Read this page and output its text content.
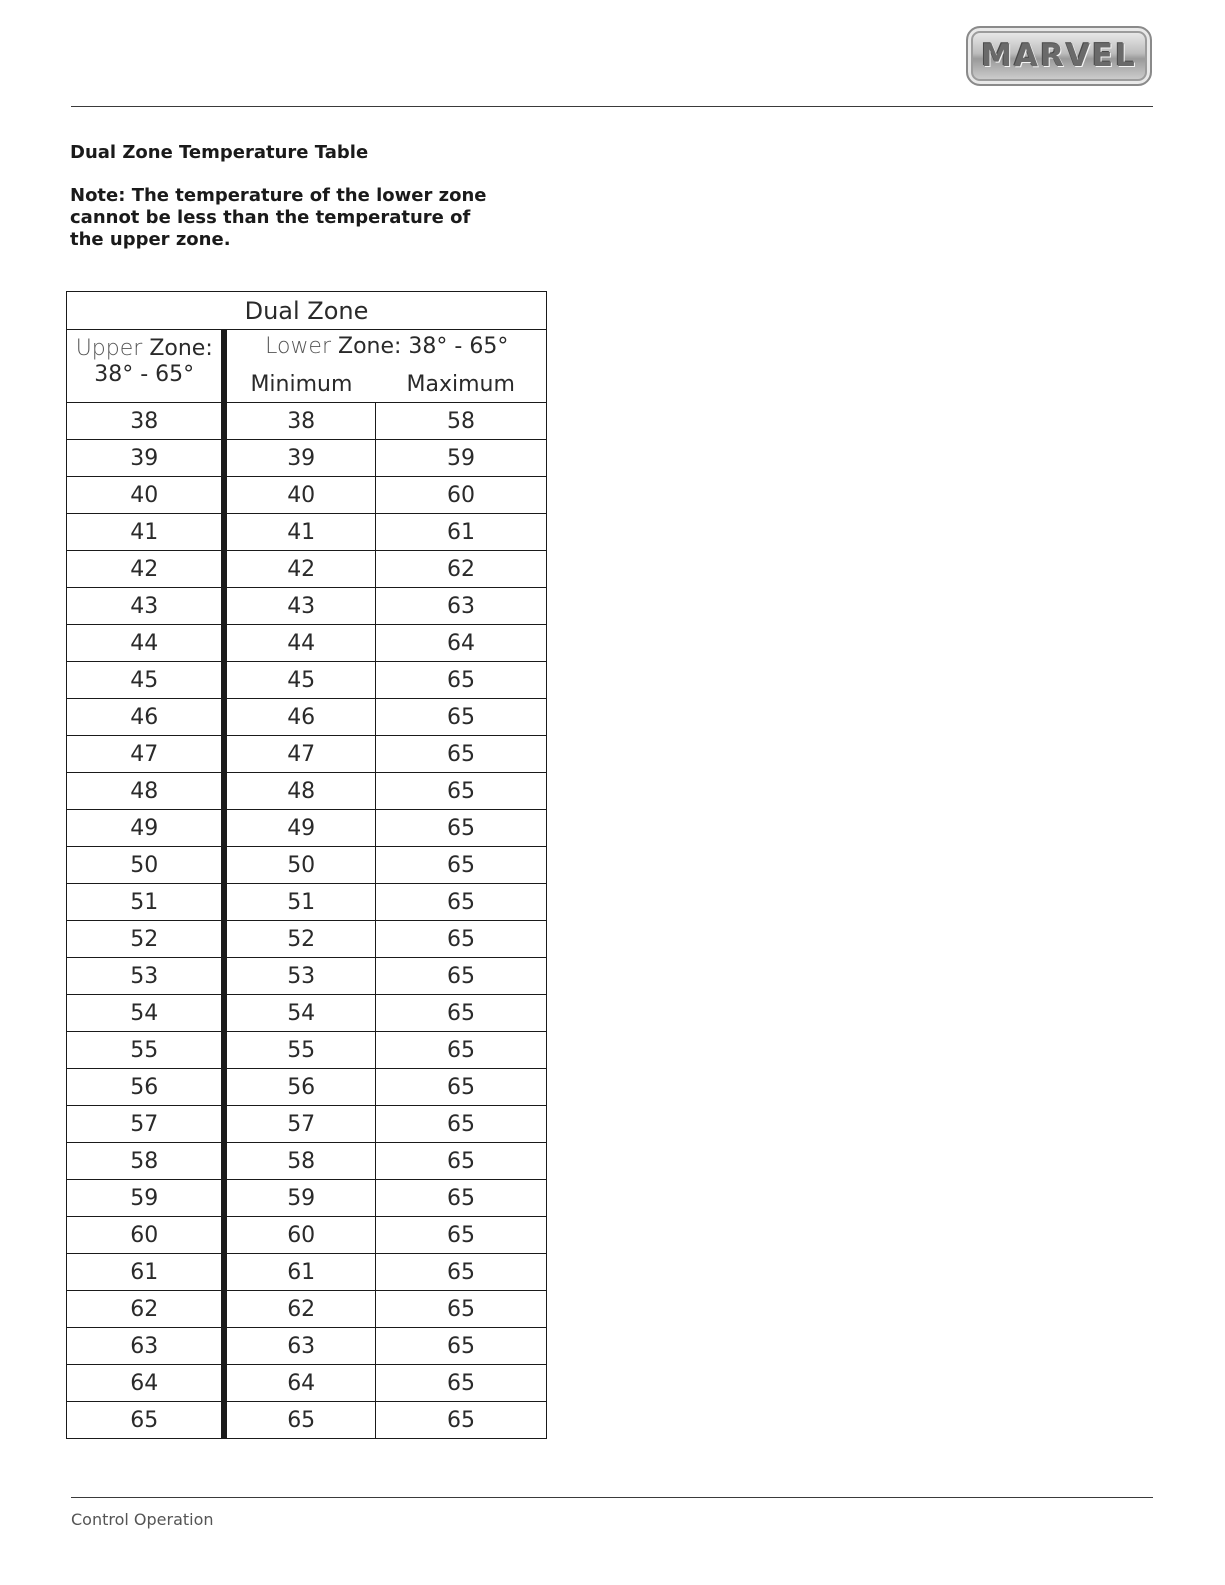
MARVEL
Dual Zone Temperature Table

Note: The temperature of the lower zone cannot be less than the temperature of the upper zone.

Dual Zone		
Upper Zone:
38° - 65°	Lower Zone: 38° - 65°	
	Minimum	Maximum
38	38	58
39	39	59
40	40	60
41	41	61
42	42	62
43	43	63
44	44	64
45	45	65
46	46	65
47	47	65
48	48	65
49	49	65
50	50	65
51	51	65
52	52	65
53	53	65
54	54	65
55	55	65
56	56	65
57	57	65
58	58	65
59	59	65
60	60	65
61	61	65
62	62	65
63	63	65
64	64	65
65	65	65
Control Operation
